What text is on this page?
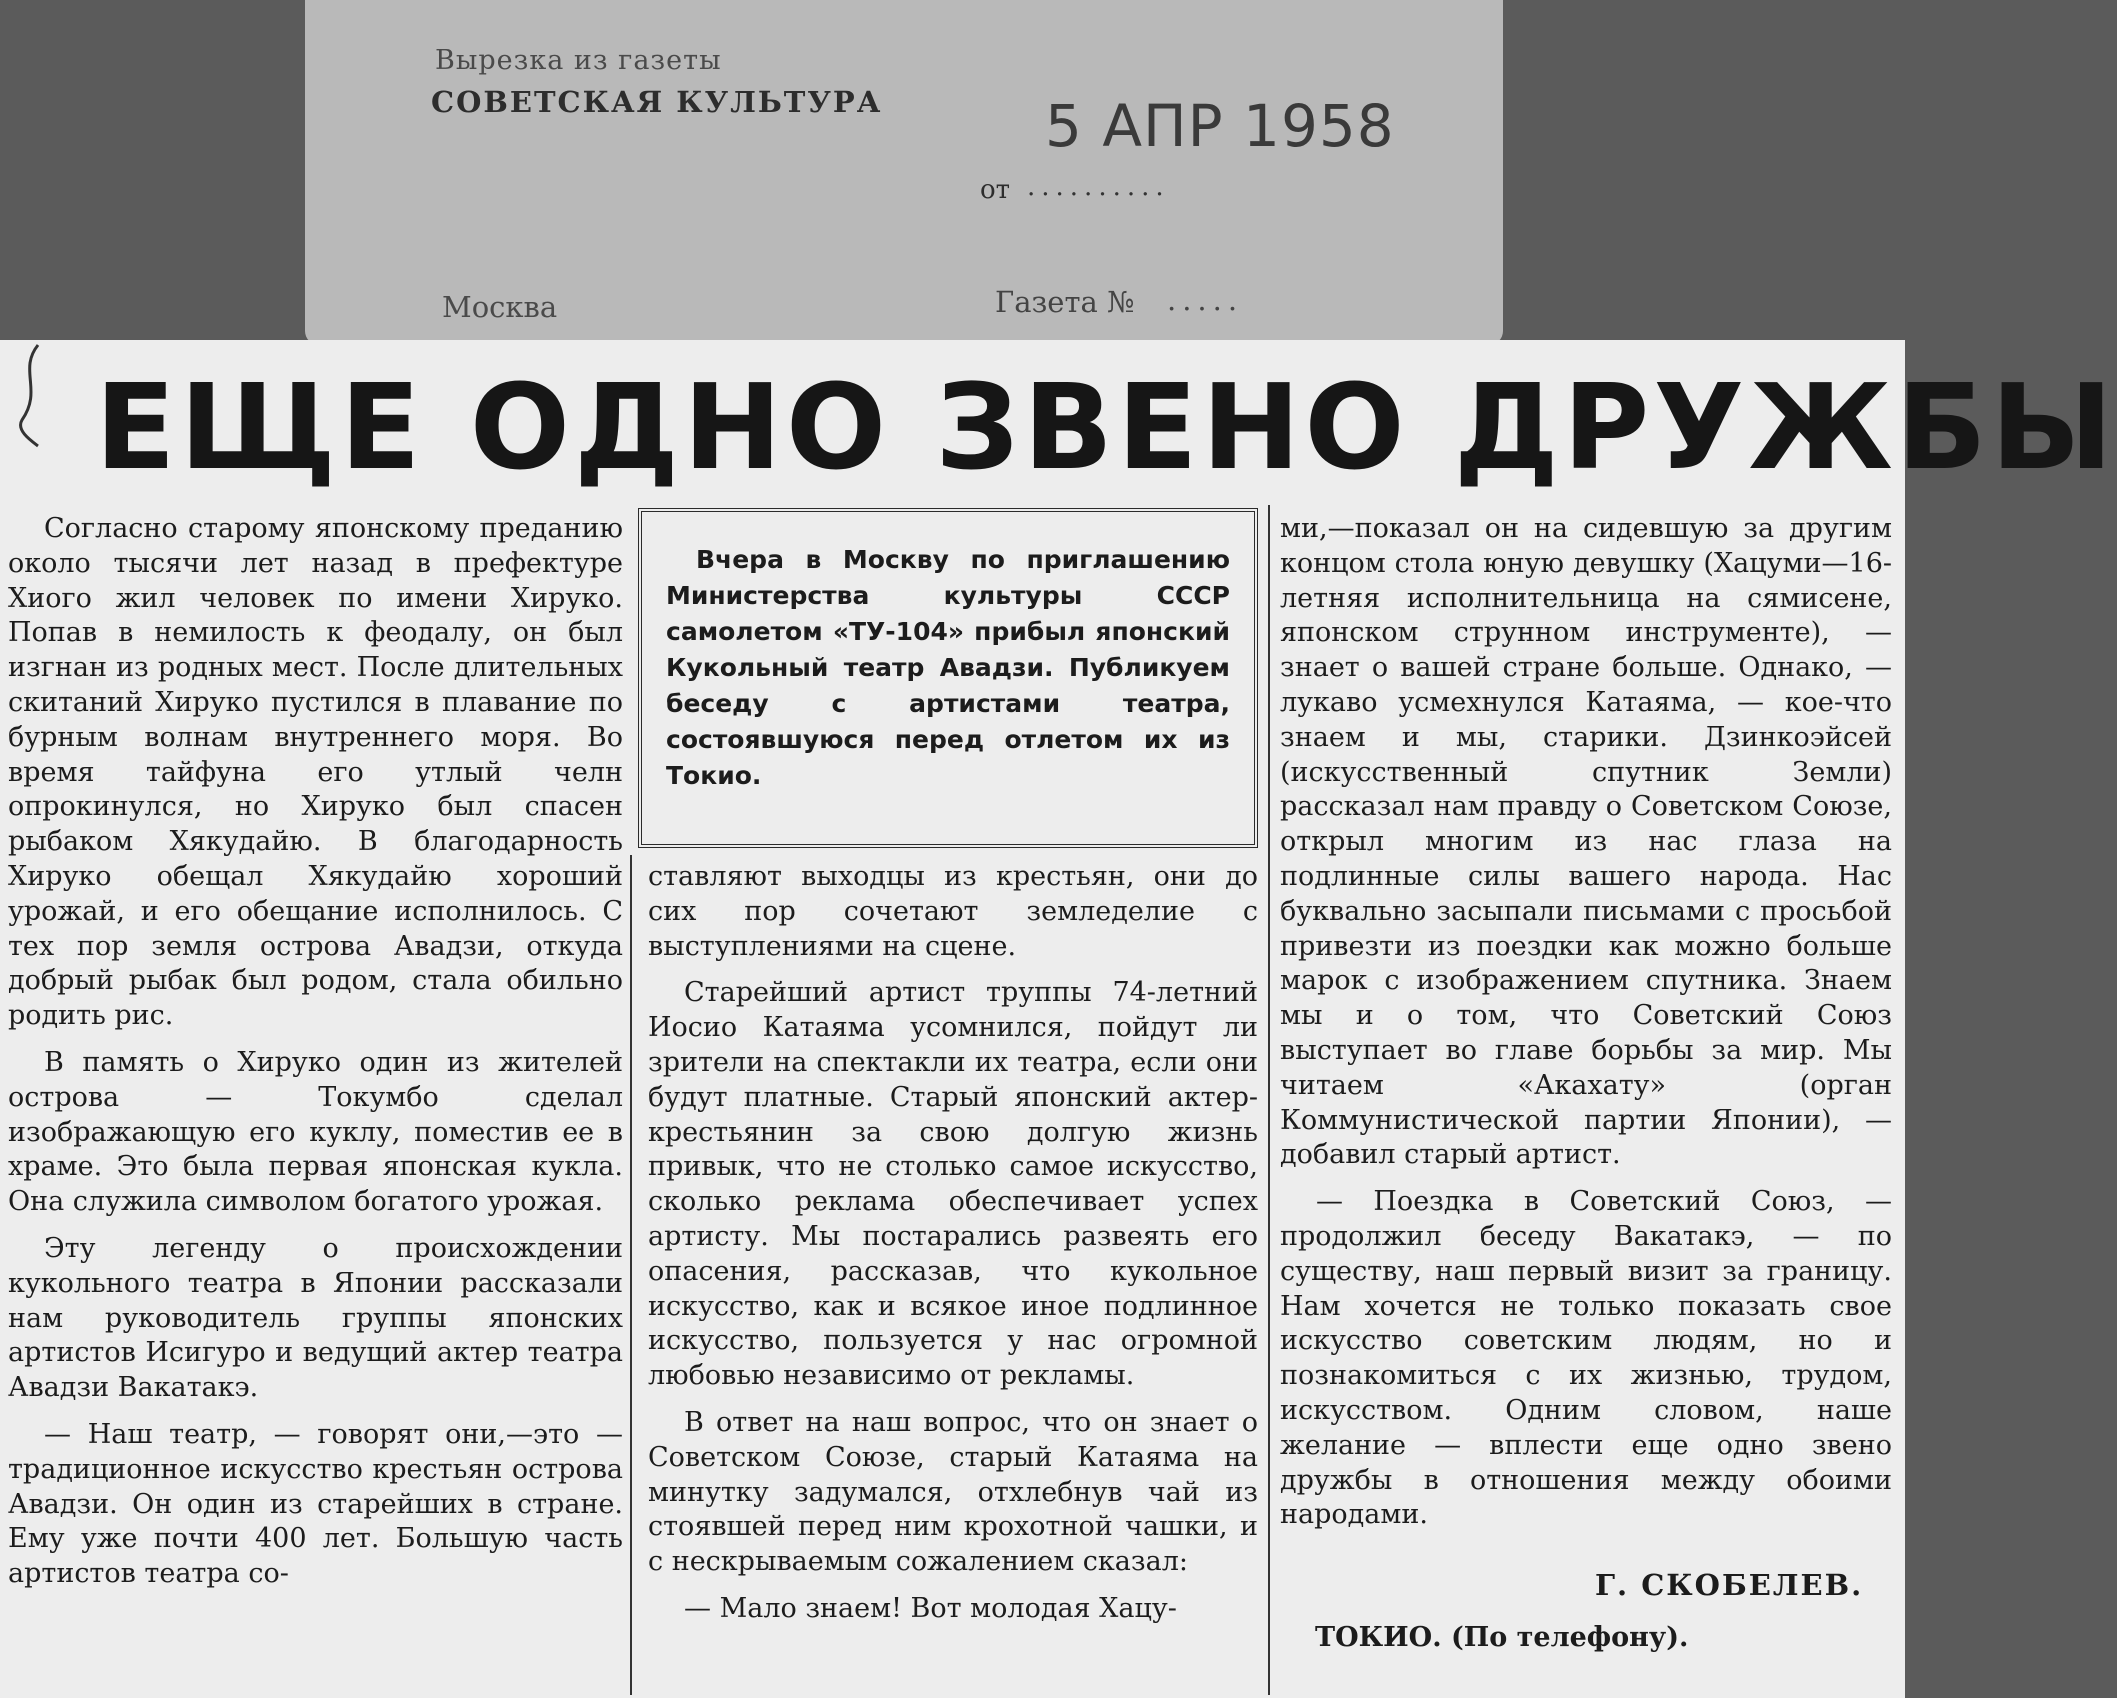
Вырезка из газеты
СОВЕТСКАЯ КУЛЬТУРА	5 АПР 1958
от ..........
Москва	Газета № .....
ЕЩЕ ОДНО ЗВЕНО ДРУЖБЫ

Согласно старому японскому преданию около тысячи лет назад в префектуре Хиого жил человек по имени Хируко. Попав в немилость к феодалу, он был изгнан из родных мест. После длительных скитаний Хируко пустился в плавание по бурным волнам внутреннего моря. Во время тайфуна его утлый челн опрокинулся, но Хируко был спасен рыбаком Хякудайю. В благодарность Хируко обещал Хякудайю хороший урожай, и его обещание исполнилось. С тех пор земля острова Авадзи, откуда добрый рыбак был родом, стала обильно родить рис.

В память о Хируко один из жителей острова — Токумбо сделал изображающую его куклу, поместив ее в храме. Это была первая японская кукла. Она служила символом богатого урожая.

Эту легенду о происхождении кукольного театра в Японии рассказали нам руководитель группы японских артистов Исигуро и ведущий актер театра Авадзи Вакатакэ.

— Наш театр, — говорят они,—это — традиционное искусство крестьян острова Авадзи. Он один из старейших в стране. Ему уже почти 400 лет. Большую часть артистов театра со-

Вчера в Москву по приглашению Министерства культуры СССР самолетом «ТУ-104» прибыл японский Кукольный театр Авадзи. Публикуем беседу с артистами театра, состоявшуюся перед отлетом их из Токио.

ставляют выходцы из крестьян, они до сих пор сочетают земледелие с выступлениями на сцене.

Старейший артист труппы 74-летний Иосио Катаяма усомнился, пойдут ли зрители на спектакли их театра, если они будут платные. Старый японский актер-крестьянин за свою долгую жизнь привык, что не столько самое искусство, сколько реклама обеспечивает успех артисту. Мы постарались развеять его опасения, рассказав, что кукольное искусство, как и всякое иное подлинное искусство, пользуется у нас огромной любовью независимо от рекламы.

В ответ на наш вопрос, что он знает о Советском Союзе, старый Катаяма на минутку задумался, отхлебнув чай из стоявшей перед ним крохотной чашки, и с нескрываемым сожалением сказал:

— Мало знаем! Вот молодая Хацу-

ми,—показал он на сидевшую за другим концом стола юную девушку (Хацуми—16-летняя исполнительница на сямисене, японском струнном инструменте), — знает о вашей стране больше. Однако, — лукаво усмехнулся Катаяма, — кое-что знаем и мы, старики. Дзинкоэйсей (искусственный спутник Земли) рассказал нам правду о Советском Союзе, открыл многим из нас глаза на подлинные силы вашего народа. Нас буквально засыпали письмами с просьбой привезти из поездки как можно больше марок с изображением спутника. Знаем мы и о том, что Советский Союз выступает во главе борьбы за мир. Мы читаем «Акахату» (орган Коммунистической партии Японии), — добавил старый артист.

— Поездка в Советский Союз, — продолжил беседу Вакатакэ, — по существу, наш первый визит за границу. Нам хочется не только показать свое искусство советским людям, но и познакомиться с их жизнью, трудом, искусством. Одним словом, наше желание — вплести еще одно звено дружбы в отношения между обоими народами.

Г. СКОБЕЛЕВ.
ТОКИО. (По телефону).
